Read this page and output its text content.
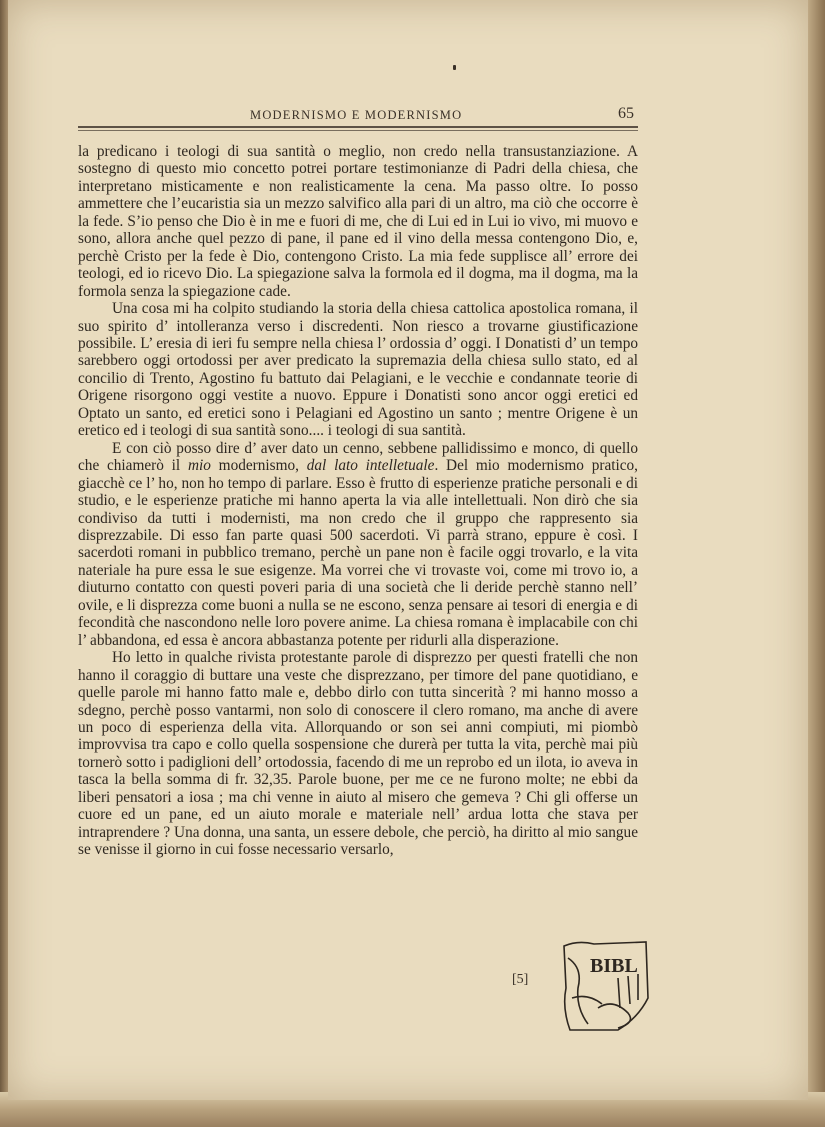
MODERNISMO E MODERNISMO	65

la predicano i teologi di sua santità o meglio, non credo nella transustanziazione. A sostegno di questo mio concetto potrei portare testimonianze di Padri della chiesa, che interpretano misticamente e non realisticamente la cena. Ma passo oltre. Io posso ammettere che l’eucaristia sia un mezzo salvifico alla pari di un altro, ma ciò che occorre è la fede. S’io penso che Dio è in me e fuori di me, che di Lui ed in Lui io vivo, mi muovo e sono, allora anche quel pezzo di pane, il pane ed il vino della messa contengono Dio, e, perchè Cristo per la fede è Dio, contengono Cristo. La mia fede supplisce all’ errore dei teologi, ed io ricevo Dio. La spiegazione salva la formola ed il dogma, ma il dogma, ma la formola senza la spiegazione cade.

Una cosa mi ha colpito studiando la storia della chiesa cattolica apostolica romana, il suo spirito d’ intolleranza verso i discredenti. Non riesco a trovarne giustificazione possibile. L’ eresia di ieri fu sempre nella chiesa l’ ordossia d’ oggi. I Donatisti d’ un tempo sarebbero oggi ortodossi per aver predicato la supremazia della chiesa sullo stato, ed al concilio di Trento, Agostino fu battuto dai Pelagiani, e le vecchie e condannate teorie di Origene risorgono oggi vestite a nuovo. Eppure i Donatisti sono ancor oggi eretici ed Optato un santo, ed eretici sono i Pelagiani ed Agostino un santo ; mentre Origene è un eretico ed i teologi di sua santità sono.... i teologi di sua santità.

E con ciò posso dire d’ aver dato un cenno, sebbene pallidissimo e monco, di quello che chiamerò il mio modernismo, dal lato intelletuale. Del mio modernismo pratico, giacchè ce l’ ho, non ho tempo di parlare. Esso è frutto di esperienze pratiche personali e di studio, e le esperienze pratiche mi hanno aperta la via alle intellettuali. Non dirò che sia condiviso da tutti i modernisti, ma non credo che il gruppo che rappresento sia disprezzabile. Di esso fan parte quasi 500 sacerdoti. Vi parrà strano, eppure è così. I sacerdoti romani in pubblico tremano, perchè un pane non è facile oggi trovarlo, e la vita nateriale ha pure essa le sue esigenze. Ma vorrei che vi trovaste voi, come mi trovo io, a diuturno contatto con questi poveri paria di una società che li deride perchè stanno nell’ ovile, e li disprezza come buoni a nulla se ne escono, senza pensare ai tesori di energia e di fecondità che nascondono nelle loro povere anime. La chiesa romana è implacabile con chi l’ abbandona, ed essa è ancora abbastanza potente per ridurli alla disperazione.

Ho letto in qualche rivista protestante parole di disprezzo per questi fratelli che non hanno il coraggio di buttare una veste che disprezzano, per timore del pane quotidiano, e quelle parole mi hanno fatto male e, debbo dirlo con tutta sincerità ? mi hanno mosso a sdegno, perchè posso vantarmi, non solo di conoscere il clero romano, ma anche di avere un poco di esperienza della vita. Allorquando or son sei anni compiuti, mi piombò improvvisa tra capo e collo quella sospensione che durerà per tutta la vita, perchè mai più tornerò sotto i padiglioni dell’ ortodossia, facendo di me un reprobo ed un ilota, io aveva in tasca la bella somma di fr. 32,35. Parole buone, per me ce ne furono molte; ne ebbi da liberi pensatori a iosa ; ma chi venne in aiuto al misero che gemeva ? Chi gli offerse un cuore ed un pane, ed un aiuto morale e materiale nell’ ardua lotta che stava per intraprendere ? Una donna, una santa, un essere debole, che perciò, ha diritto al mio sangue se venisse il giorno in cui fosse necessario versarlo,

[5]
BIBL
